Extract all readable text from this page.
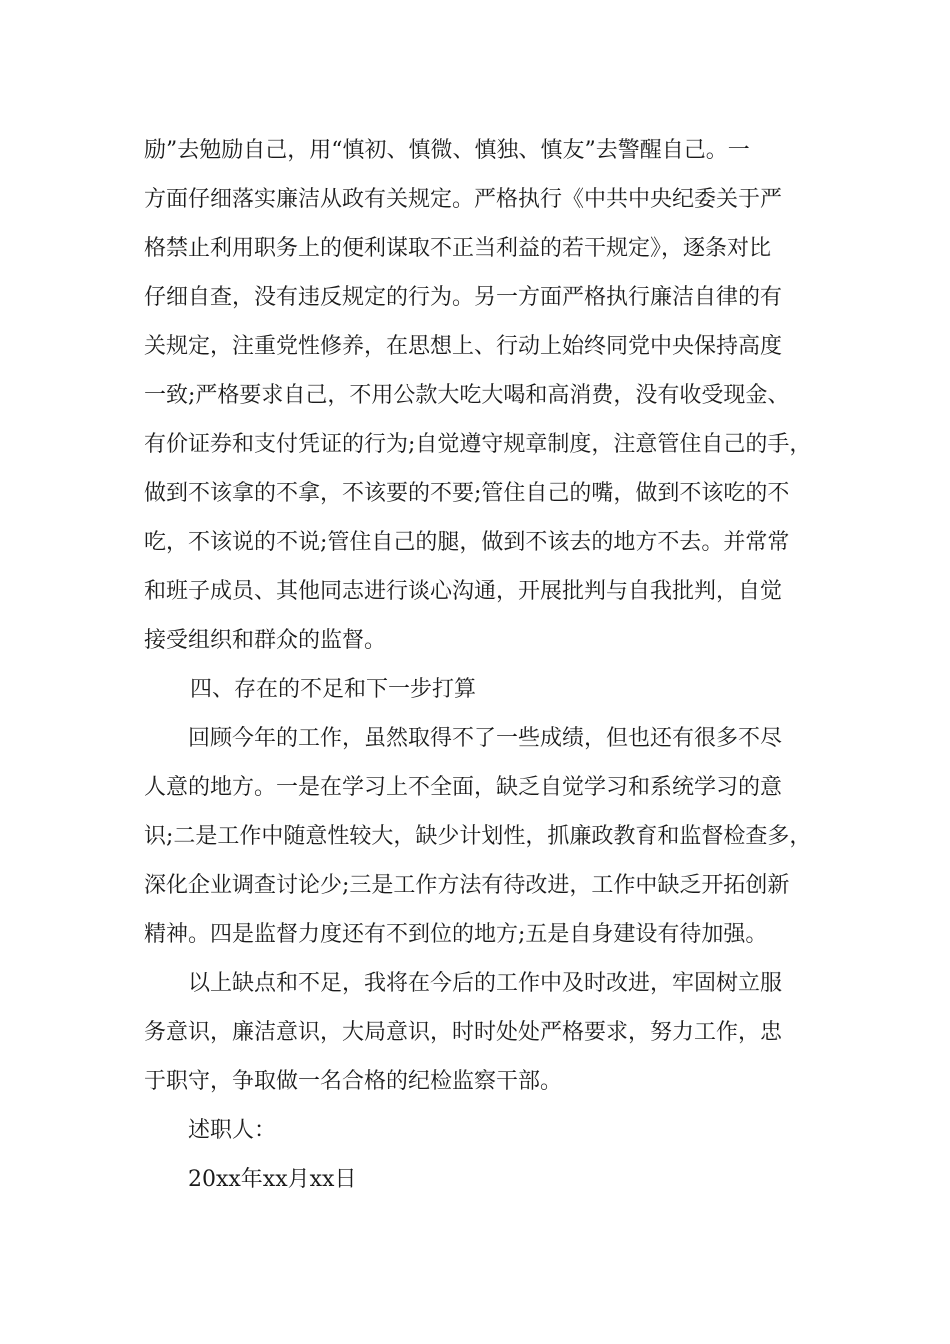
励”去勉励自己，用“慎初、慎微、慎独、慎友”去警醒自己。一
方面仔细落实廉洁从政有关规定。严格执行《中共中央纪委关于严
格禁止利用职务上的便利谋取不正当利益的若干规定》，逐条对比
仔细自查，没有违反规定的行为。另一方面严格执行廉洁自律的有
关规定，注重党性修养，在思想上、行动上始终同党中央保持高度
一致;严格要求自己，不用公款大吃大喝和高消费，没有收受现金、
有价证券和支付凭证的行为;自觉遵守规章制度，注意管住自己的手，
做到不该拿的不拿，不该要的不要;管住自己的嘴，做到不该吃的不
吃，不该说的不说;管住自己的腿，做到不该去的地方不去。并常常
和班子成员、其他同志进行谈心沟通，开展批判与自我批判，自觉
接受组织和群众的监督。
四、存在的不足和下一步打算
回顾今年的工作，虽然取得不了一些成绩，但也还有很多不尽
人意的地方。一是在学习上不全面，缺乏自觉学习和系统学习的意
识;二是工作中随意性较大，缺少计划性，抓廉政教育和监督检查多，
深化企业调查讨论少;三是工作方法有待改进，工作中缺乏开拓创新
精神。四是监督力度还有不到位的地方;五是自身建设有待加强。
以上缺点和不足，我将在今后的工作中及时改进，牢固树立服
务意识，廉洁意识，大局意识，时时处处严格要求，努力工作，忠
于职守，争取做一名合格的纪检监察干部。
述职人：
20xx年xx月xx日
